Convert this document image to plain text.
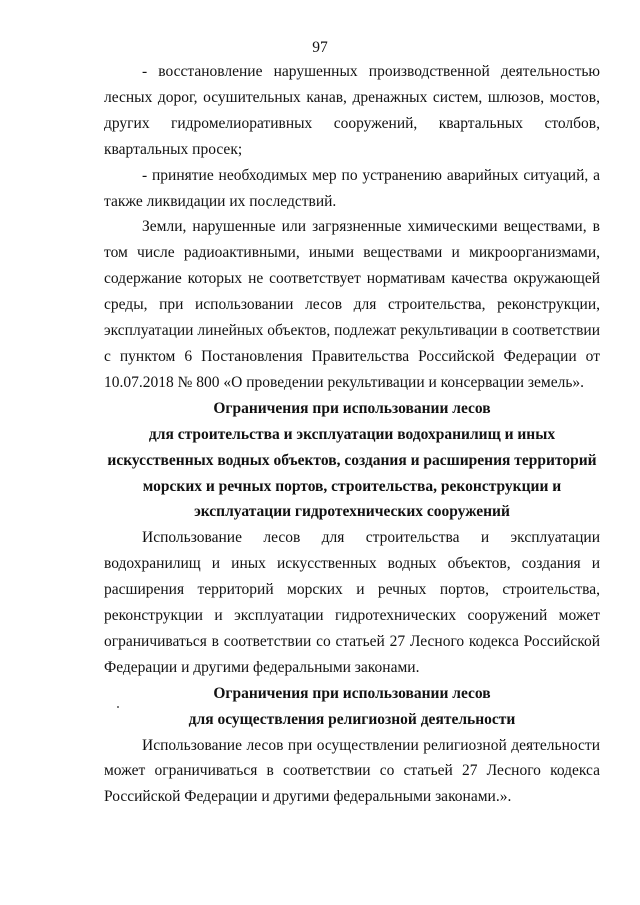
97

- восстановление нарушенных производственной деятельностью лесных дорог, осушительных канав, дренажных систем, шлюзов, мостов, других гидромелиоративных сооружений, квартальных столбов, квартальных просек;

- принятие необходимых мер по устранению аварийных ситуаций, а также ликвидации их последствий.

Земли, нарушенные или загрязненные химическими веществами, в том числе радиоактивными, иными веществами и микроорганизмами, содержание которых не соответствует нормативам качества окружающей среды, при использовании лесов для строительства, реконструкции, эксплуатации линейных объектов, подлежат рекультивации в соответствии с пунктом 6 Постановления Правительства Российской Федерации от 10.07.2018 № 800 «О проведении рекультивации и консервации земель».

Ограничения при использовании лесов
для строительства и эксплуатации водохранилищ и иных
искусственных водных объектов, создания и расширения территорий
морских и речных портов, строительства, реконструкции и
эксплуатации гидротехнических сооружений

Использование лесов для строительства и эксплуатации водохранилищ и иных искусственных водных объектов, создания и расширения территорий морских и речных портов, строительства, реконструкции и эксплуатации гидротехнических сооружений может ограничиваться в соответствии со статьей 27 Лесного кодекса Российской Федерации и другими федеральными законами.

Ограничения при использовании лесов
для осуществления религиозной деятельности

Использование лесов при осуществлении религиозной деятельности может ограничиваться в соответствии со статьей 27 Лесного кодекса Российской Федерации и другими федеральными законами.».
